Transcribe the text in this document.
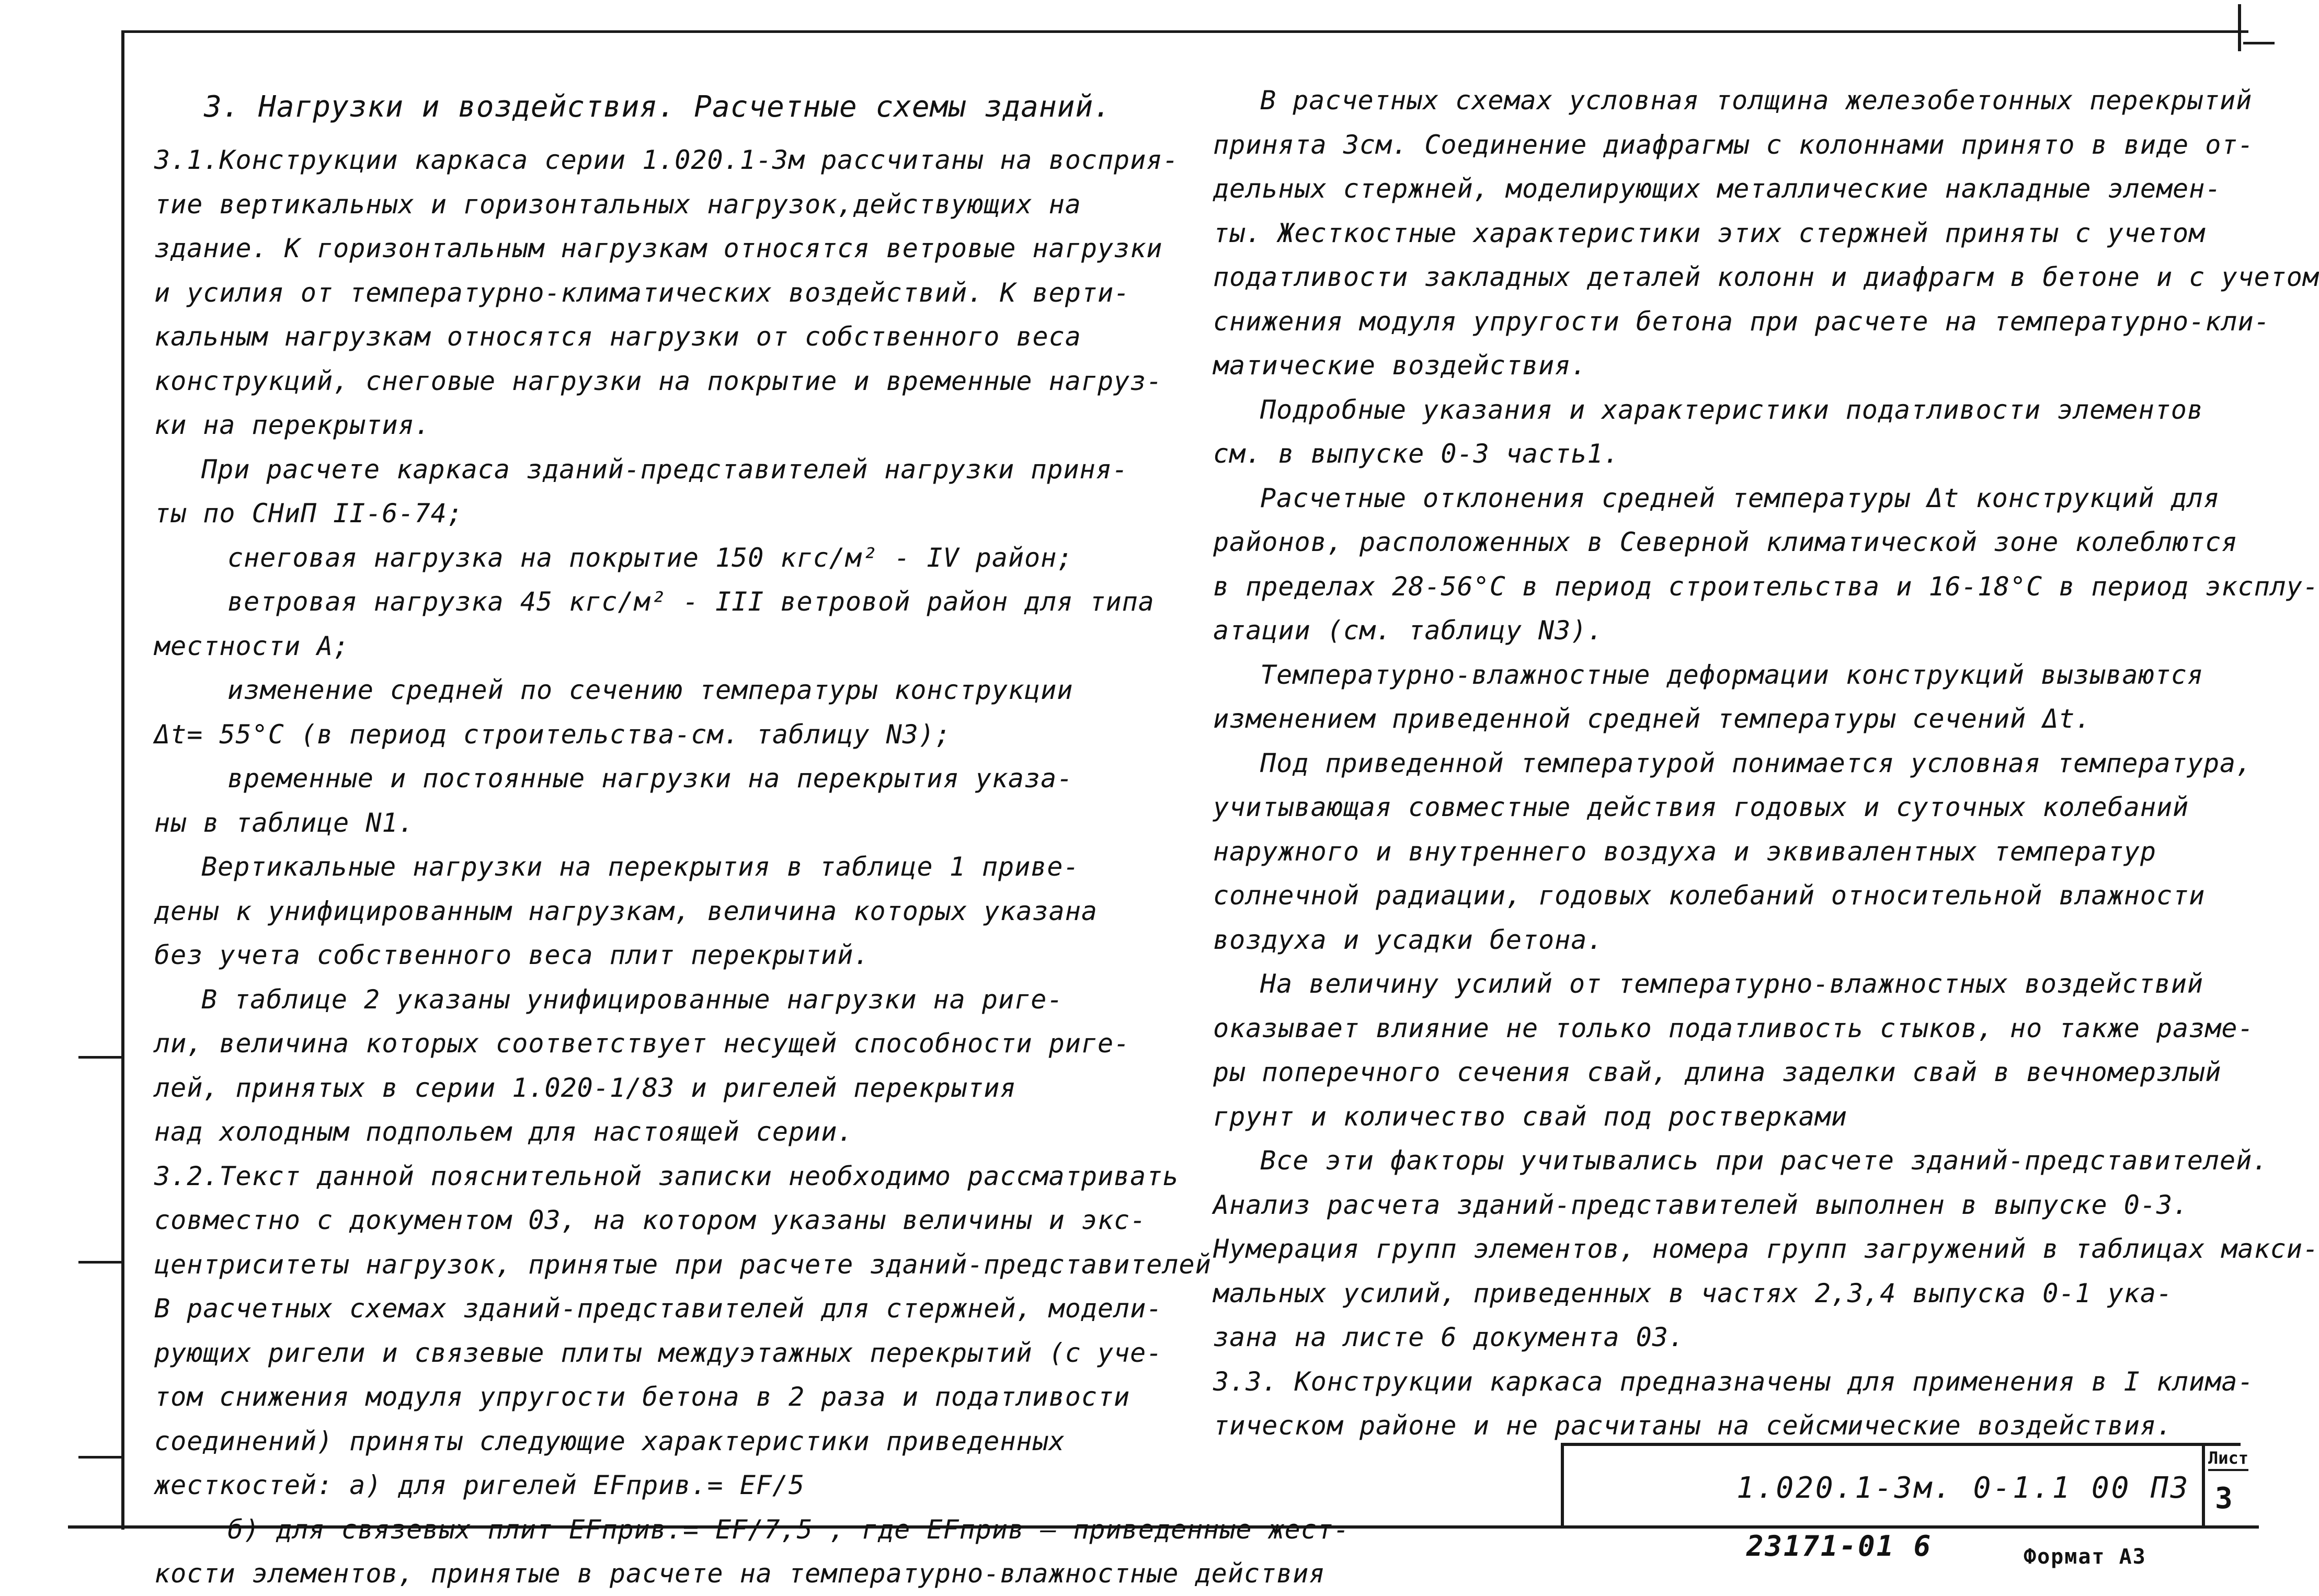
3. Нагрузки и воздействия. Расчетные схемы зданий.
3.1.Конструкции каркаса серии 1.020.1-3м рассчитаны на восприя-
тие вертикальных и горизонтальных нагрузок,действующих на
здание. К горизонтальным нагрузкам относятся ветровые нагрузки
и усилия от температурно-климатических воздействий. К верти-
кальным нагрузкам относятся нагрузки от собственного веса
конструкций, снеговые нагрузки на покрытие и временные нагруз-
ки на перекрытия.
При расчете каркаса зданий-представителей нагрузки приня-
ты по СНиП II-6-74;
снеговая нагрузка на покрытие 150 кгс/м² - IV район;
ветровая нагрузка 45 кгс/м² - III ветровой район для типа
местности А;
изменение средней по сечению температуры конструкции
Δt= 55°С (в период строительства-см. таблицу N3);
временные и постоянные нагрузки на перекрытия указа-
ны в таблице N1.
Вертикальные нагрузки на перекрытия в таблице 1 приве-
дены к унифицированным нагрузкам, величина которых указана
без учета собственного веса плит перекрытий.
В таблице 2 указаны унифицированные нагрузки на риге-
ли, величина которых соответствует несущей способности риге-
лей, принятых в серии 1.020-1/83 и ригелей перекрытия
над холодным подпольем для настоящей серии.
3.2.Текст данной пояснительной записки необходимо рассматривать
совместно с документом 03, на котором указаны величины и экс-
центриситеты нагрузок, принятые при расчете зданий-представителей
В расчетных схемах зданий-представителей для стержней, модели-
рующих ригели и связевые плиты междуэтажных перекрытий (с уче-
том снижения модуля упругости бетона в 2 раза и податливости
соединений) приняты следующие характеристики приведенных
жесткостей: а) для ригелей EFприв.= EF/5
б) для связевых плит EFприв.= EF/7,5 , где EFприв — приведенные жест-
кости элементов, принятые в расчете на температурно-влажностные действия
В расчетных схемах условная толщина железобетонных перекрытий
принята 3см. Соединение диафрагмы с колоннами принято в виде от-
дельных стержней, моделирующих металлические накладные элемен-
ты. Жесткостные характеристики этих стержней приняты с учетом
податливости закладных деталей колонн и диафрагм в бетоне и с учетом
снижения модуля упругости бетона при расчете на температурно-кли-
матические воздействия.
Подробные указания и характеристики податливости элементов
см. в выпуске 0-3 часть1.
Расчетные отклонения средней температуры Δt конструкций для
районов, расположенных в Северной климатической зоне колеблются
в пределах 28-56°С в период строительства и 16-18°С в период эксплу-
атации (см. таблицу N3).
Температурно-влажностные деформации конструкций вызываются
изменением приведенной средней температуры сечений Δt.
Под приведенной температурой понимается условная температура,
учитывающая совместные действия годовых и суточных колебаний
наружного и внутреннего воздуха и эквивалентных температур
солнечной радиации, годовых колебаний относительной влажности
воздуха и усадки бетона.
На величину усилий от температурно-влажностных воздействий
оказывает влияние не только податливость стыков, но также разме-
ры поперечного сечения свай, длина заделки свай в вечномерзлый
грунт и количество свай под ростверками
Все эти факторы учитывались при расчете зданий-представителей.
Анализ расчета зданий-представителей выполнен в выпуске 0-3.
Нумерация групп элементов, номера групп загружений в таблицах макси-
мальных усилий, приведенных в частях 2,3,4 выпуска 0-1 ука-
зана на листе 6 документа 03.
3.3. Конструкции каркаса предназначены для применения в I клима-
тическом районе и не расчитаны на сейсмические воздействия.
1.020.1-3м. 0-1.1 00 ПЗ
Лист
3
23171-01 6	Формат А3
